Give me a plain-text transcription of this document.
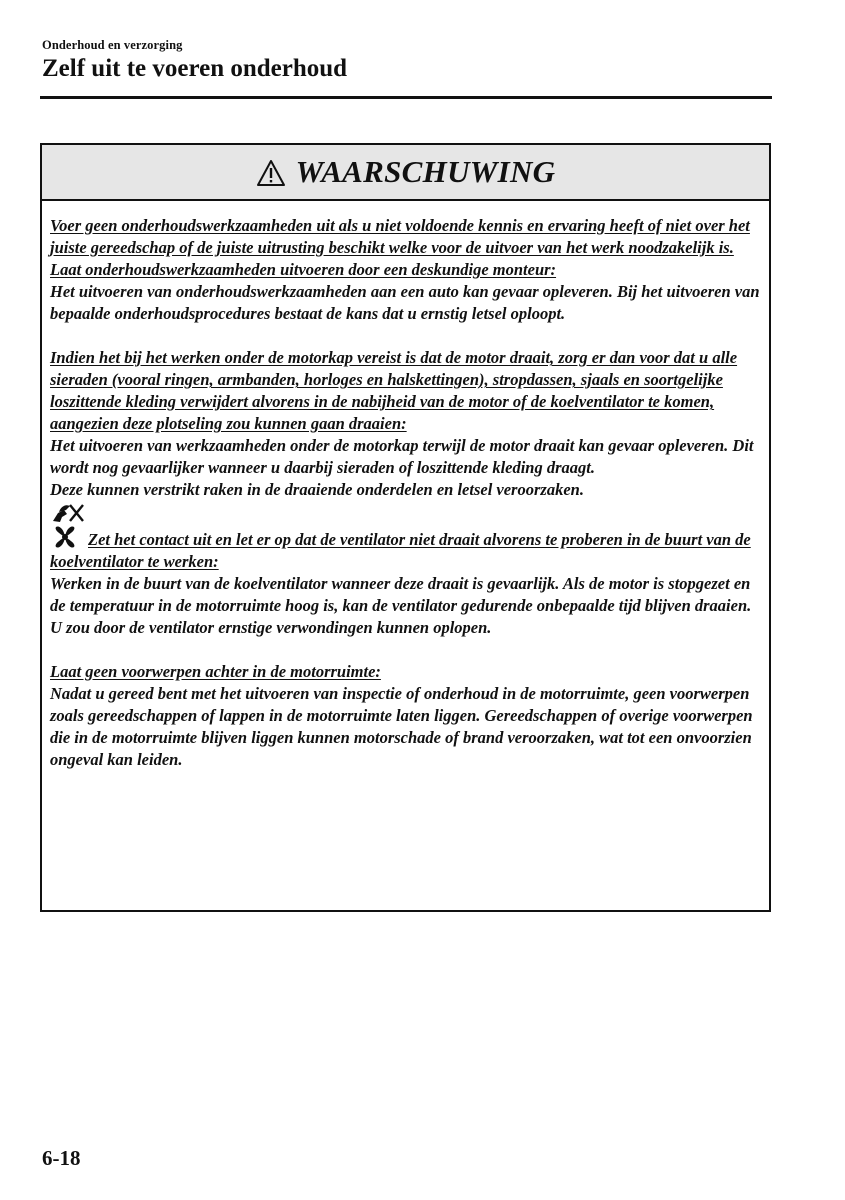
Onderhoud en verzorging
Zelf uit te voeren onderhoud
WAARSCHUWING

Voer geen onderhoudswerkzaamheden uit als u niet voldoende kennis en ervaring heeft of niet over het juiste gereedschap of de juiste uitrusting beschikt welke voor de uitvoer van het werk noodzakelijk is. Laat onderhoudswerkzaamheden uitvoeren door een deskundige monteur:

Het uitvoeren van onderhoudswerkzaamheden aan een auto kan gevaar opleveren. Bij het uitvoeren van bepaalde onderhoudsprocedures bestaat de kans dat u ernstig letsel oploopt.

Indien het bij het werken onder de motorkap vereist is dat de motor draait, zorg er dan voor dat u alle sieraden (vooral ringen, armbanden, horloges en halskettingen), stropdassen, sjaals en soortgelijke loszittende kleding verwijdert alvorens in de nabijheid van de motor of de koelventilator te komen, aangezien deze plotseling zou kunnen gaan draaien:

Het uitvoeren van werkzaamheden onder de motorkap terwijl de motor draait kan gevaar opleveren. Dit wordt nog gevaarlijker wanneer u daarbij sieraden of loszittende kleding draagt.

Deze kunnen verstrikt raken in de draaiende onderdelen en letsel veroorzaken.

Zet het contact uit en let er op dat de ventilator niet draait alvorens te proberen in de buurt van de koelventilator te werken:

Werken in de buurt van de koelventilator wanneer deze draait is gevaarlijk. Als de motor is stopgezet en de temperatuur in de motorruimte hoog is, kan de ventilator gedurende onbepaalde tijd blijven draaien. U zou door de ventilator ernstige verwondingen kunnen oplopen.

Laat geen voorwerpen achter in de motorruimte:

Nadat u gereed bent met het uitvoeren van inspectie of onderhoud in de motorruimte, geen voorwerpen zoals gereedschappen of lappen in de motorruimte laten liggen. Gereedschappen of overige voorwerpen die in de motorruimte blijven liggen kunnen motorschade of brand veroorzaken, wat tot een onvoorzien ongeval kan leiden.

6-18
